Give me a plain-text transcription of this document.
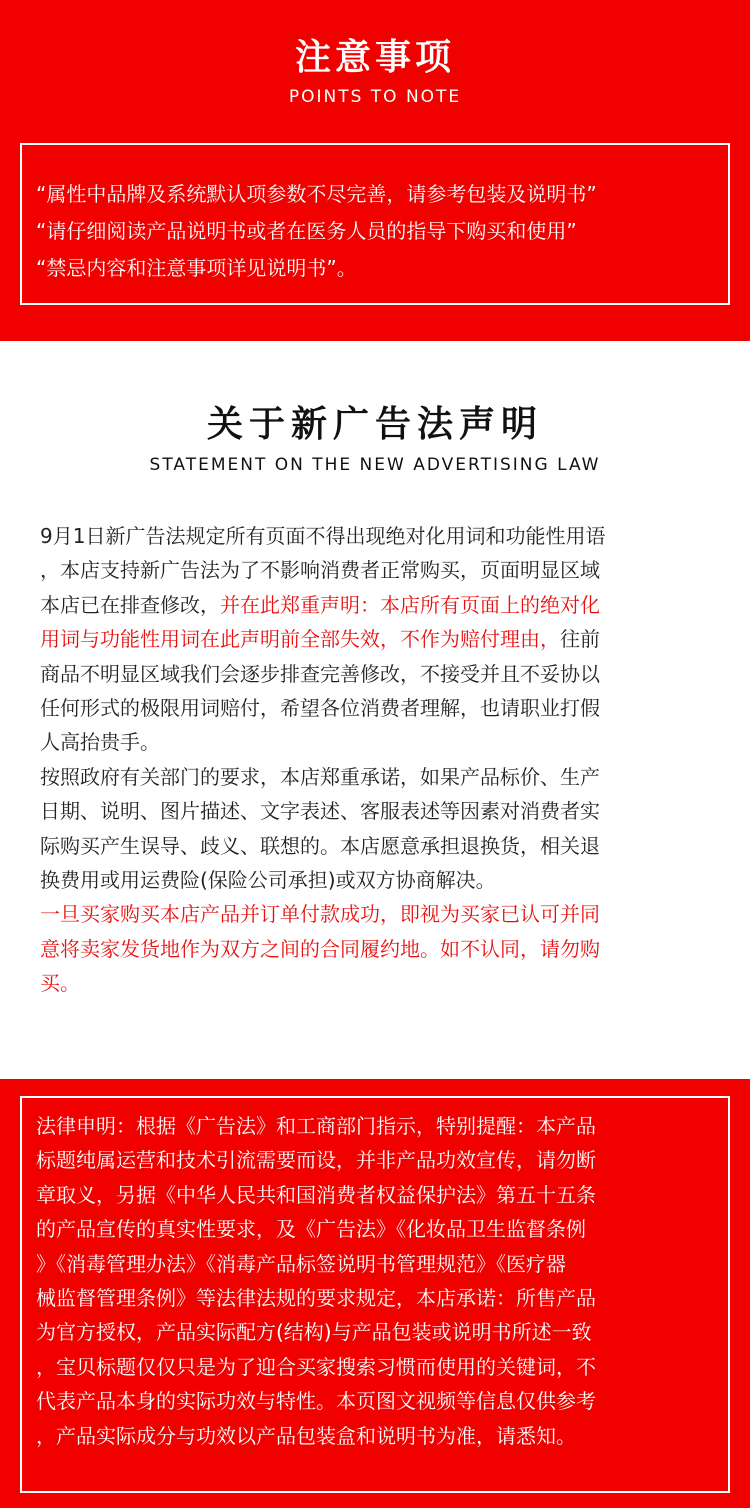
注意事项
POINTS TO NOTE
“属性中品牌及系统默认项参数不尽完善，请参考包装及说明书”
“请仔细阅读产品说明书或者在医务人员的指导下购买和使用”
“禁忌内容和注意事项详见说明书”。
关于新广告法声明
STATEMENT ON THE NEW ADVERTISING LAW
9月1日新广告法规定所有页面不得出现绝对化用词和功能性用语
，本店支持新广告法为了不影响消费者正常购买，页面明显区域
本店已在排查修改，并在此郑重声明：本店所有页面上的绝对化
用词与功能性用词在此声明前全部失效，不作为赔付理由，往前
商品不明显区域我们会逐步排查完善修改，不接受并且不妥协以
任何形式的极限用词赔付，希望各位消费者理解，也请职业打假
人高抬贵手。
按照政府有关部门的要求，本店郑重承诺，如果产品标价、生产
日期、说明、图片描述、文字表述、客服表述等因素对消费者实
际购买产生误导、歧义、联想的。本店愿意承担退换货，相关退
换费用或用运费险(保险公司承担)或双方协商解决。
一旦买家购买本店产品并订单付款成功，即视为买家已认可并同
意将卖家发货地作为双方之间的合同履约地。如不认同，请勿购
买。
法律申明：根据《广告法》和工商部门指示，特别提醒：本产品
标题纯属运营和技术引流需要而设，并非产品功效宣传，请勿断
章取义，另据《中华人民共和国消费者权益保护法》第五十五条
的产品宣传的真实性要求，及《广告法》《化妆品卫生监督条例
》《消毒管理办法》《消毒产品标签说明书管理规范》《医疗器
械监督管理条例》等法律法规的要求规定，本店承诺：所售产品
为官方授权，产品实际配方(结构)与产品包装或说明书所述一致
，宝贝标题仅仅只是为了迎合买家搜索习惯而使用的关键词，不
代表产品本身的实际功效与特性。本页图文视频等信息仅供参考
，产品实际成分与功效以产品包装盒和说明书为准，请悉知。
